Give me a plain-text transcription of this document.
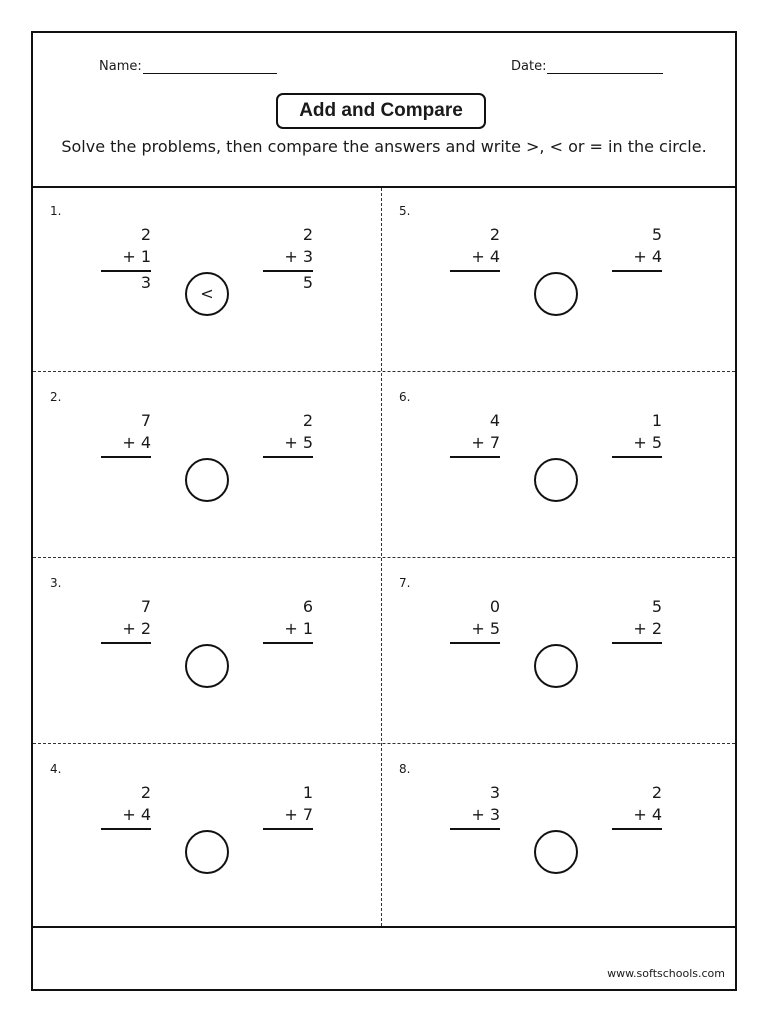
Name:	Date:
Add and Compare
Solve the problems, then compare the answers and write >, < or = in the circle.
1.
2
+ 1
3
2
+ 3
5
<
2.
7
+ 4
2
+ 5
3.
7
+ 2
6
+ 1
4.
2
+ 4
1
+ 7
5.
2
+ 4
5
+ 4
6.
4
+ 7
1
+ 5
7.
0
+ 5
5
+ 2
8.
3
+ 3
2
+ 4
www.softschools.com
